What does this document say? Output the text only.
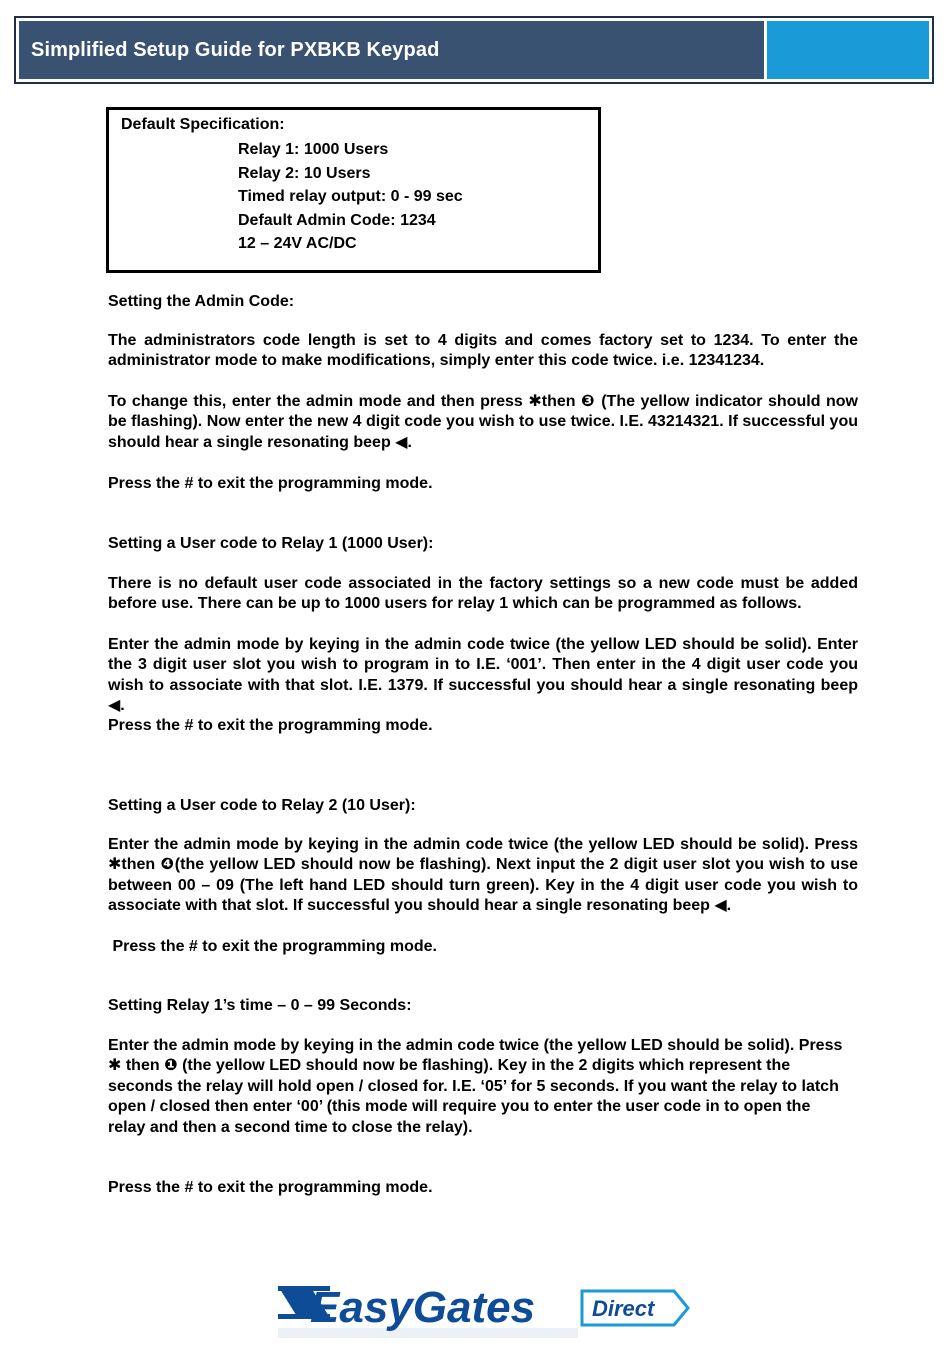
Simplified Setup Guide for PXBKB Keypad
Default Specification:
Relay 1: 1000 Users
Relay 2: 10 Users
Timed relay output: 0 - 99 sec
Default Admin Code: 1234
12 – 24V AC/DC
Setting the Admin Code:
The administrators code length is set to 4 digits and comes factory set to 1234. To enter the administrator mode to make modifications, simply enter this code twice. i.e. 12341234.
To change this, enter the admin mode and then press ✱then ❸ (The yellow indicator should now be flashing). Now enter the new 4 digit code you wish to use twice. I.E. 43214321. If successful you should hear a single resonating beep ◀.
Press the # to exit the programming mode.
Setting a User code to Relay 1 (1000 User):
There is no default user code associated in the factory settings so a new code must be added before use. There can be up to 1000 users for relay 1 which can be programmed as follows.
Enter the admin mode by keying in the admin code twice (the yellow LED should be solid). Enter the 3 digit user slot you wish to program in to I.E. ‘001’. Then enter in the 4 digit user code you wish to associate with that slot. I.E. 1379. If successful you should hear a single resonating beep ◀.
Press the # to exit the programming mode.
Setting a User code to Relay 2 (10 User):
Enter the admin mode by keying in the admin code twice (the yellow LED should be solid). Press ✱then ❹(the yellow LED should now be flashing). Next input the 2 digit user slot you wish to use between 00 – 09 (The left hand LED should turn green). Key in the 4 digit user code you wish to associate with that slot. If successful you should hear a single resonating beep ◀.
Press the # to exit the programming mode.
Setting Relay 1’s time – 0 – 99 Seconds:
Enter the admin mode by keying in the admin code twice (the yellow LED should be solid). Press ✱ then ❶ (the yellow LED should now be flashing). Key in the 2 digits which represent the seconds the relay will hold open / closed for. I.E. ‘05’ for 5 seconds. If you want the relay to latch open / closed then enter ‘00’ (this mode will require you to enter the user code in to open the relay and then a second time to close the relay).
Press the # to exit the programming mode.
EasyGates	Direct
